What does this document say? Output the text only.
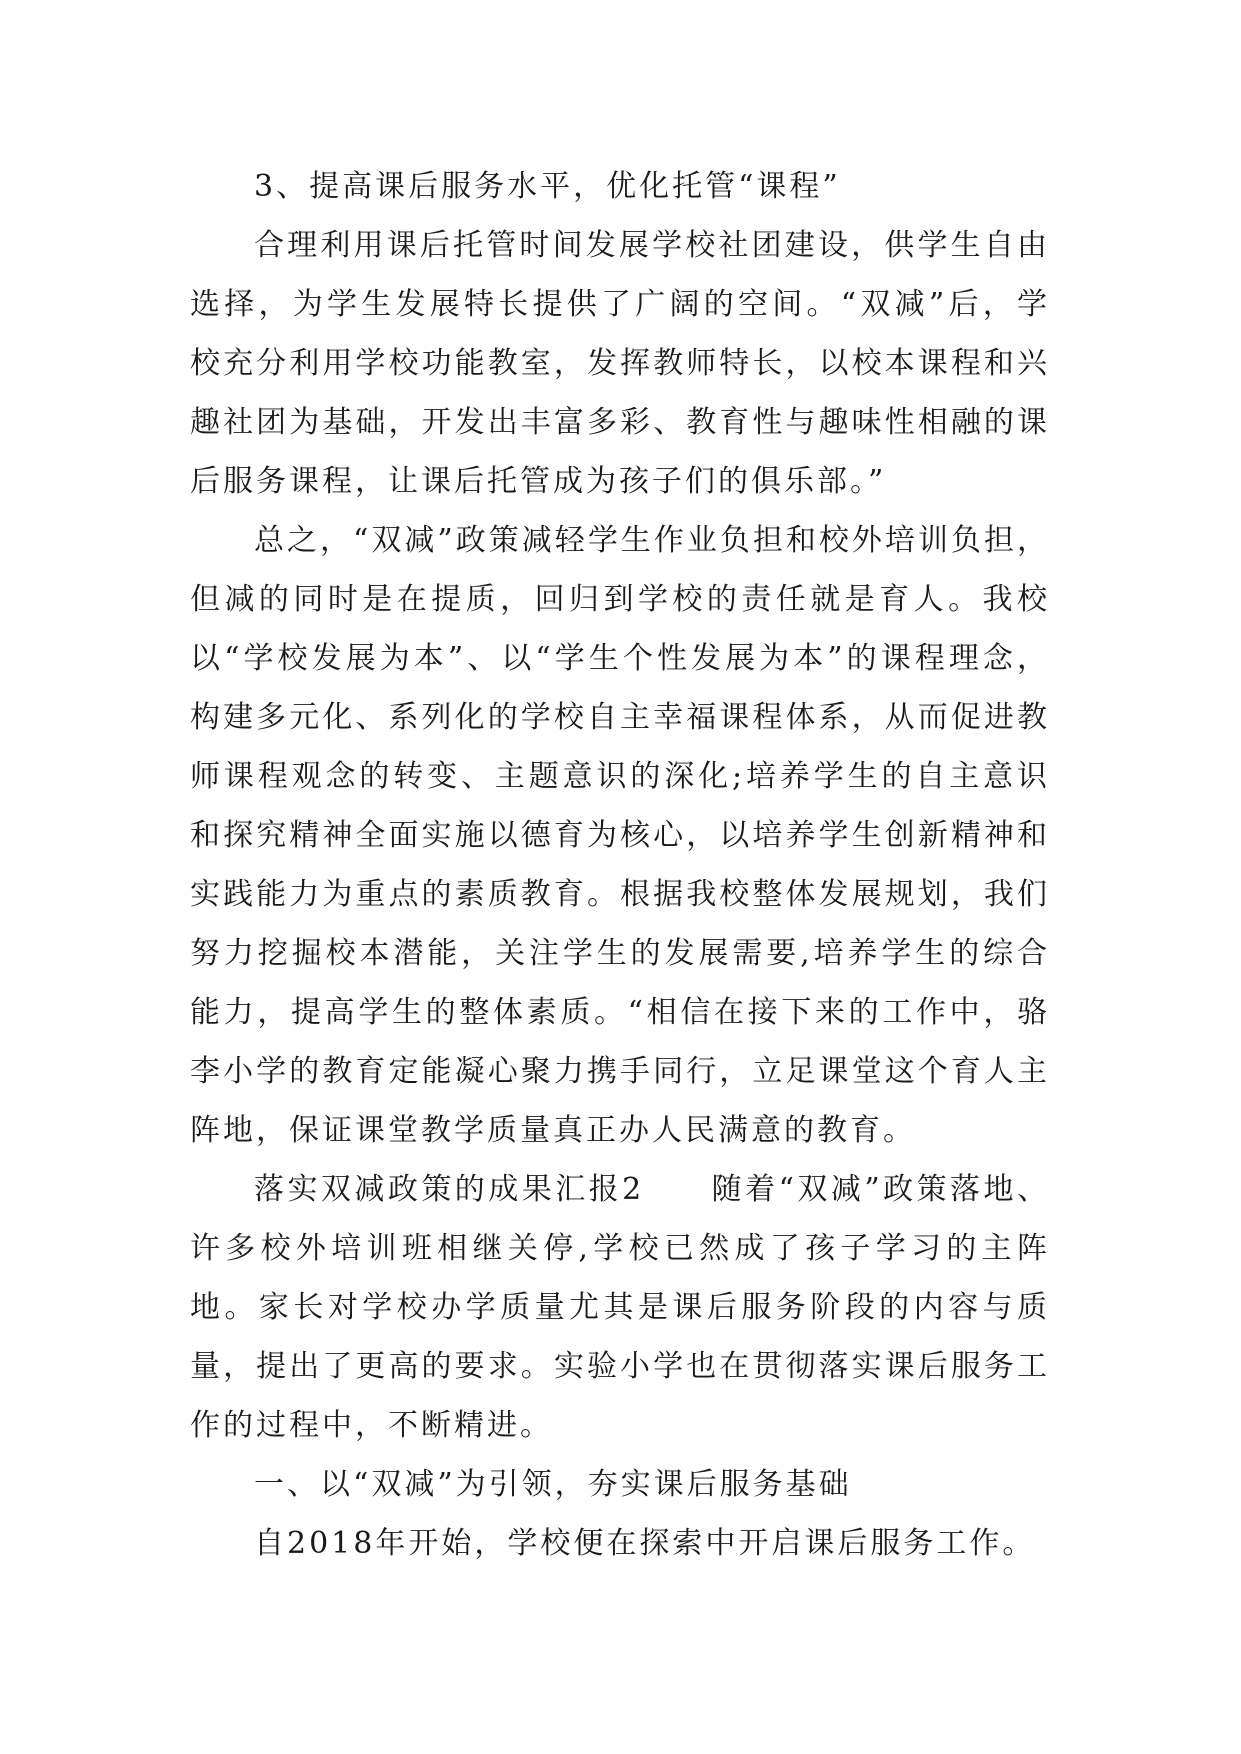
3、提高课后服务水平，优化托管“课程”

合理利用课后托管时间发展学校社团建设，供学生自由选择，为学生发展特长提供了广阔的空间。“双减”后，学校充分利用学校功能教室，发挥教师特长，以校本课程和兴趣社团为基础，开发出丰富多彩、教育性与趣味性相融的课后服务课程，让课后托管成为孩子们的俱乐部。”

总之，“双减”政策减轻学生作业负担和校外培训负担，但减的同时是在提质，回归到学校的责任就是育人。我校以“学校发展为本”、以“学生个性发展为本”的课程理念，构建多元化、系列化的学校自主幸福课程体系，从而促进教师课程观念的转变、主题意识的深化;培养学生的自主意识和探究精神全面实施以德育为核心，以培养学生创新精神和实践能力为重点的素质教育。根据我校整体发展规划，我们努力挖掘校本潜能，关注学生的发展需要,培养学生的综合能力，提高学生的整体素质。“相信在接下来的工作中，骆李小学的教育定能凝心聚力携手同行，立足课堂这个育人主阵地，保证课堂教学质量真正办人民满意的教育。

落实双减政策的成果汇报2　　随着“双减”政策落地、许多校外培训班相继关停,学校已然成了孩子学习的主阵地。家长对学校办学质量尤其是课后服务阶段的内容与质量，提出了更高的要求。实验小学也在贯彻落实课后服务工作的过程中，不断精进。

一、以“双减”为引领，夯实课后服务基础

自2018年开始，学校便在探索中开启课后服务工作。
